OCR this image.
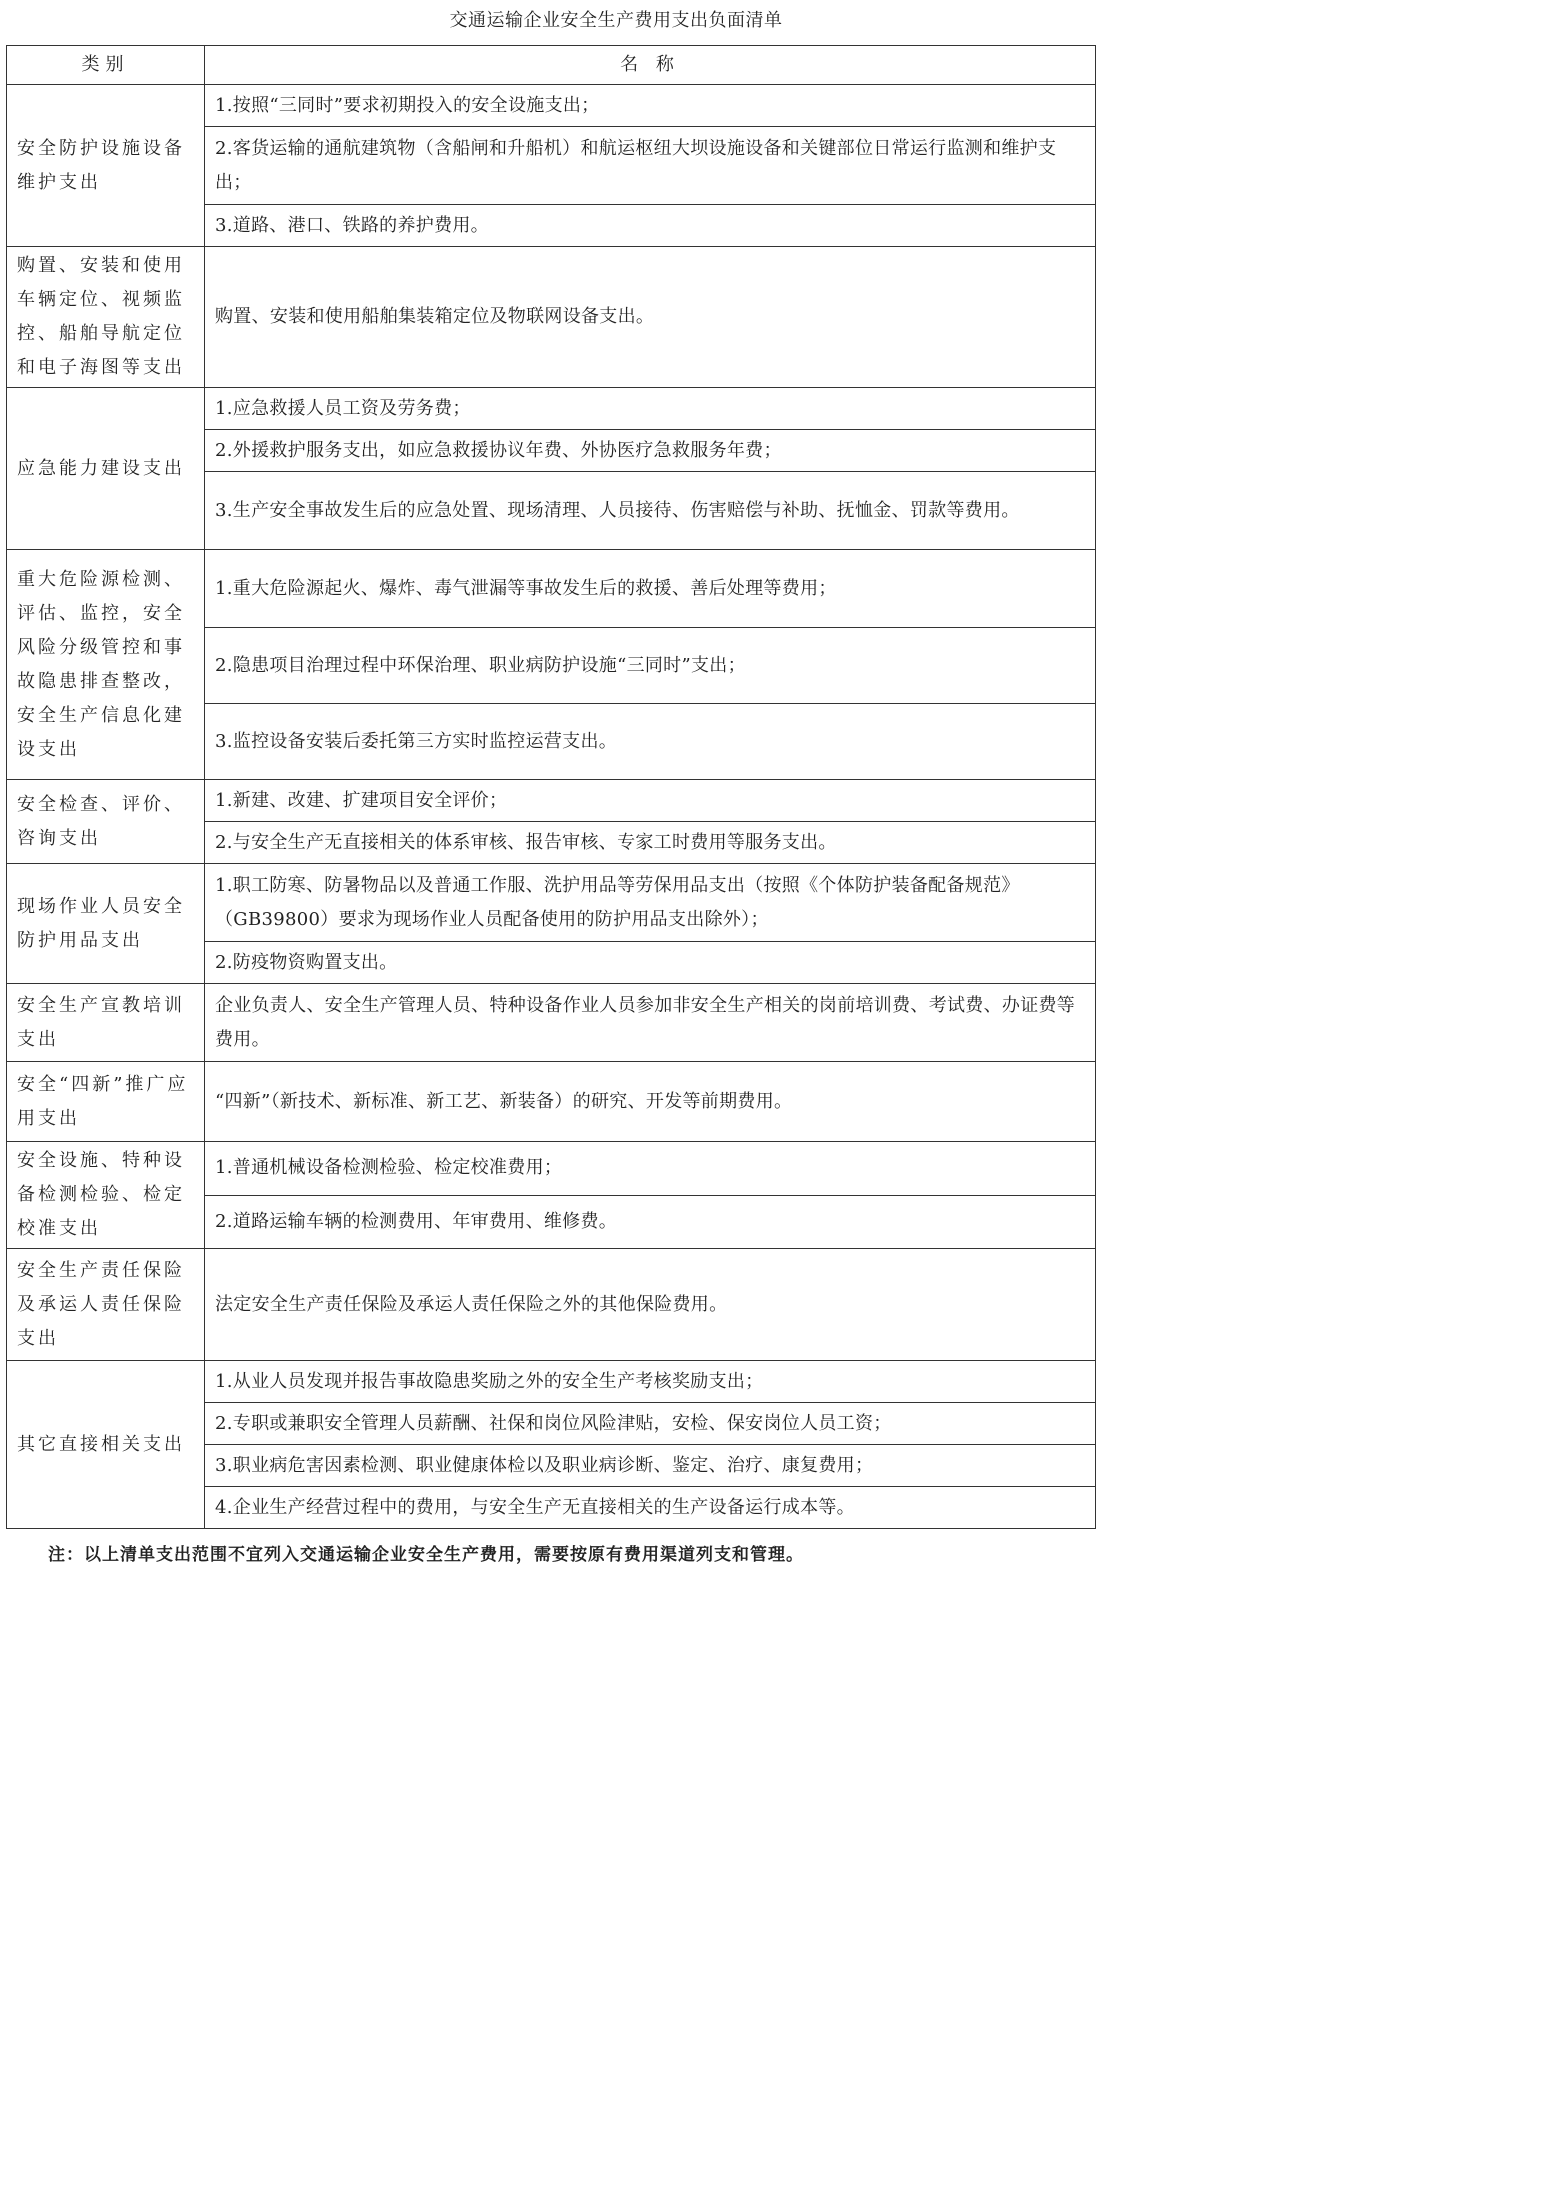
交通运输企业安全生产费用支出负面清单
类别	名 称
安全防护设施设备维护支出	1.按照“三同时”要求初期投入的安全设施支出；
	2.客货运输的通航建筑物（含船闸和升船机）和航运枢纽大坝设施设备和关键部位日常运行监测和维护支出；
	3.道路、港口、铁路的养护费用。
购置、安装和使用车辆定位、视频监控、船舶导航定位和电子海图等支出	购置、安装和使用船舶集装箱定位及物联网设备支出。
应急能力建设支出	1.应急救援人员工资及劳务费；
	2.外援救护服务支出，如应急救援协议年费、外协医疗急救服务年费；
	3.生产安全事故发生后的应急处置、现场清理、人员接待、伤害赔偿与补助、抚恤金、罚款等费用。
重大危险源检测、评估、监控，安全风险分级管控和事故隐患排查整改，安全生产信息化建设支出	1.重大危险源起火、爆炸、毒气泄漏等事故发生后的救援、善后处理等费用；
	2.隐患项目治理过程中环保治理、职业病防护设施“三同时”支出；
	3.监控设备安装后委托第三方实时监控运营支出。
安全检查、评价、咨询支出	1.新建、改建、扩建项目安全评价；
	2.与安全生产无直接相关的体系审核、报告审核、专家工时费用等服务支出。
现场作业人员安全防护用品支出	1.职工防寒、防暑物品以及普通工作服、洗护用品等劳保用品支出（按照《个体防护装备配备规范》（GB39800）要求为现场作业人员配备使用的防护用品支出除外）；
	2.防疫物资购置支出。
安全生产宣教培训支出	企业负责人、安全生产管理人员、特种设备作业人员参加非安全生产相关的岗前培训费、考试费、办证费等费用。
安全“四新”推广应用支出	“四新”（新技术、新标准、新工艺、新装备）的研究、开发等前期费用。
安全设施、特种设备检测检验、检定校准支出	1.普通机械设备检测检验、检定校准费用；
	2.道路运输车辆的检测费用、年审费用、维修费。
安全生产责任保险及承运人责任保险支出	法定安全生产责任保险及承运人责任保险之外的其他保险费用。
其它直接相关支出	1.从业人员发现并报告事故隐患奖励之外的安全生产考核奖励支出；
	2.专职或兼职安全管理人员薪酬、社保和岗位风险津贴，安检、保安岗位人员工资；
	3.职业病危害因素检测、职业健康体检以及职业病诊断、鉴定、治疗、康复费用；
	4.企业生产经营过程中的费用，与安全生产无直接相关的生产设备运行成本等。
注：以上清单支出范围不宜列入交通运输企业安全生产费用，需要按原有费用渠道列支和管理。
